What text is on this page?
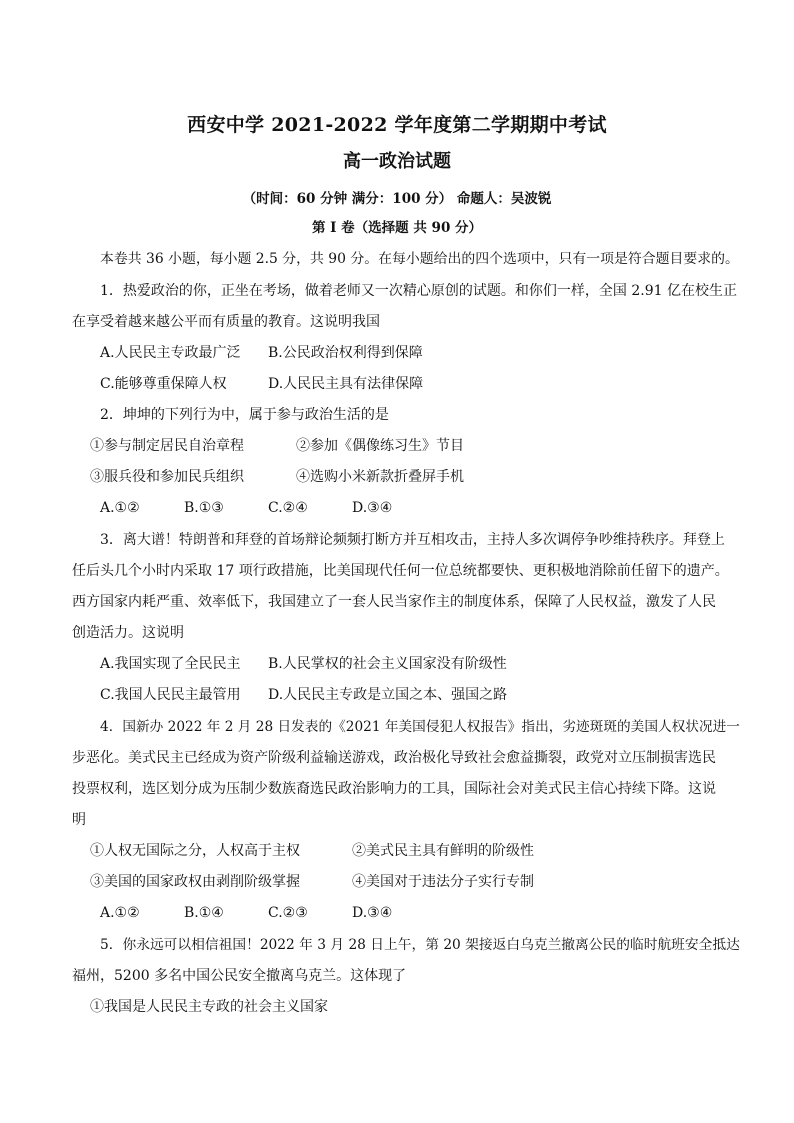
西安中学 2021-2022 学年度第二学期期中考试
高一政治试题
（时间：60 分钟 满分：100 分） 命题人：吴波锐
第 I 卷（选择题 共 90 分）
本卷共 36 小题，每小题 2.5 分，共 90 分。在每小题给出的四个选项中，只有一项是符合题目要求的。
1．热爱政治的你，正坐在考场，做着老师又一次精心原创的试题。和你们一样，全国 2.91 亿在校生正
在享受着越来越公平而有质量的教育。这说明我国
A.人民民主专政最广泛 B.公民政治权利得到保障
C.能够尊重保障人权	D.人民民主具有法律保障
2．坤坤的下列行为中，属于参与政治生活的是
①参与制定居民自治章程	②参加《偶像练习生》节目
③服兵役和参加民兵组织	④选购小米新款折叠屏手机
A.①②	B.①③	C.②④	D.③④
3．离大谱！特朗普和拜登的首场辩论频频打断方并互相攻击，主持人多次调停争吵维持秩序。拜登上
任后头几个小时内采取 17 项行政措施，比美国现代任何一位总统都要快、更积极地消除前任留下的遗产。
西方国家内耗严重、效率低下，我国建立了一套人民当家作主的制度体系，保障了人民权益，激发了人民
创造活力。这说明
A.我国实现了全民民主 B.人民掌权的社会主义国家没有阶级性
C.我国人民民主最管用 D.人民民主专政是立国之本、强国之路
4．国新办 2022 年 2 月 28 日发表的《2021 年美国侵犯人权报告》指出，劣迹斑斑的美国人权状况进一
步恶化。美式民主已经成为资产阶级利益输送游戏，政治极化导致社会愈益撕裂，政党对立压制损害选民
投票权利，选区划分成为压制少数族裔选民政治影响力的工具，国际社会对美式民主信心持续下降。这说
明
①人权无国际之分，人权高于主权	②美式民主具有鲜明的阶级性
③美国的国家政权由剥削阶级掌握	④美国对于违法分子实行专制
A.①②	B.①④	C.②③	D.③④
5．你永远可以相信祖国！2022 年 3 月 28 日上午，第 20 架接返白乌克兰撤离公民的临时航班安全抵达
福州，5200 多名中国公民安全撤离乌克兰。这体现了
①我国是人民民主专政的社会主义国家
